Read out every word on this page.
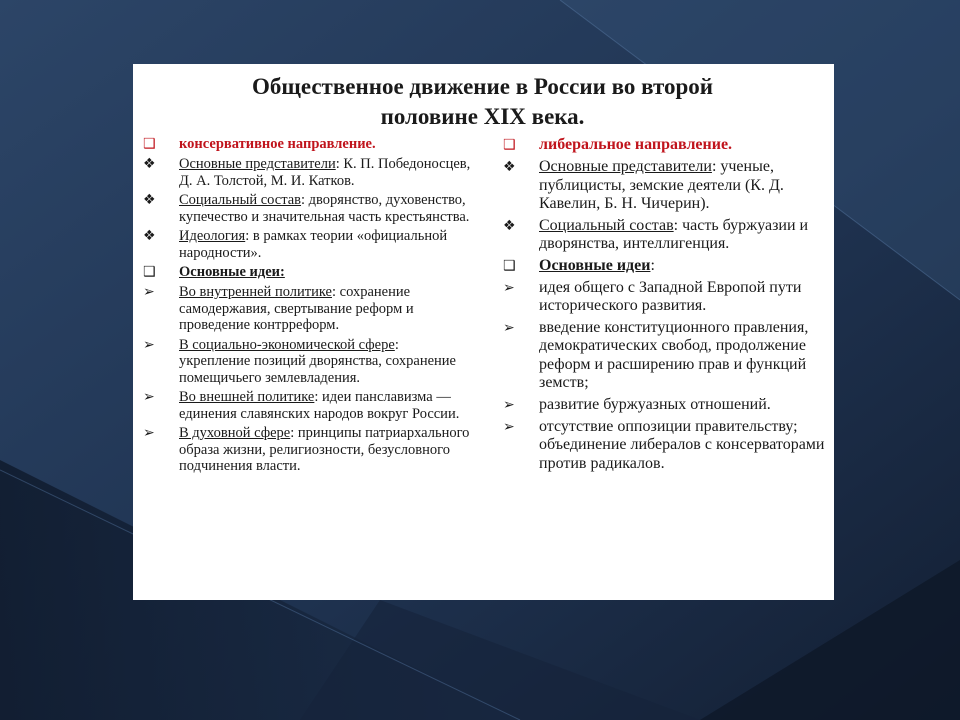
Общественное движение в России во второй
половине XIX века.
❑	консервативное направление.
❖	Основные представители: К. П. Победоносцев, Д. А. Толстой, М. И. Катков.
❖	Социальный состав: дворянство, духовенство, купечество и значительная часть крестьянства.
❖	Идеология: в рамках теории «официальной народности».
❑	Основные идеи:
➢	Во внутренней политике: сохранение самодержавия, свертывание реформ и проведение контрреформ.
➢	В социально-экономической сфере: укрепление позиций дворянства, сохранение помещичьего землевладения.
➢	Во внешней политике: идеи панславизма — единения славянских народов вокруг России.
➢	В духовной сфере: принципы патриархального образа жизни, религиозности, безусловного подчинения власти.
❑	либеральное направление.
❖	Основные представители: ученые, публицисты, земские деятели (К. Д. Кавелин, Б. Н. Чичерин).
❖	Социальный состав: часть буржуазии и дворянства, интеллигенция.
❑	Основные идеи:
➢	идея общего с Западной Европой пути исторического развития.
➢	введение конституционного правления, демократических свобод, продолжение реформ и расширению прав и функций земств;
➢	развитие буржуазных отношений.
➢	отсутствие оппозиции правительству; объединение либералов с консерваторами против радикалов.
